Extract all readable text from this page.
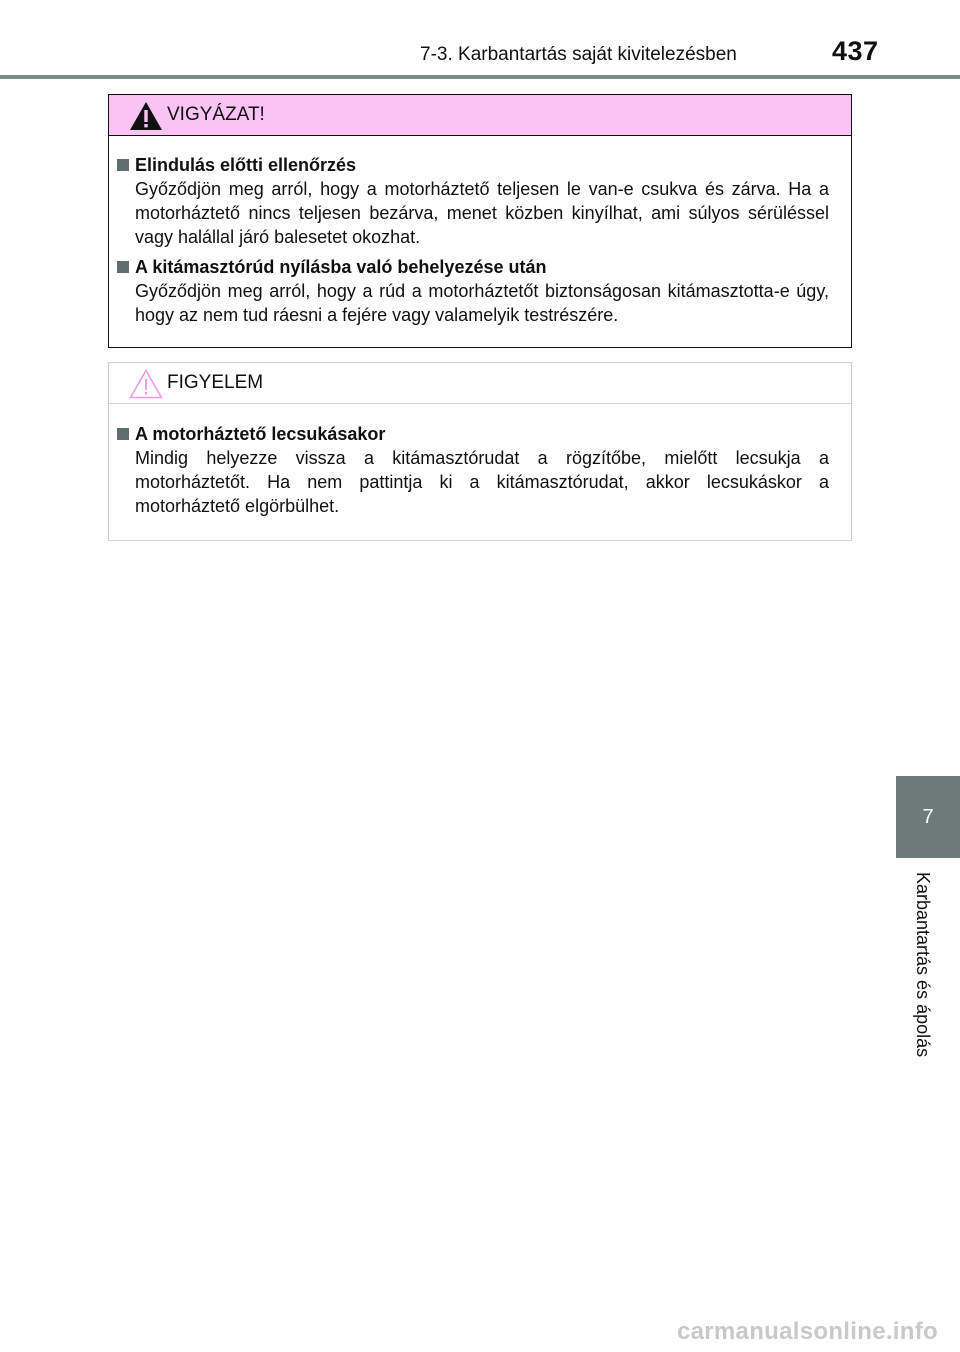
7-3. Karbantartás saját kivitelezésben	437
VIGYÁZAT!
Elindulás előtti ellenőrzés
Győződjön meg arról, hogy a motorháztető teljesen le van-e csukva és zárva. Ha a motorháztető nincs teljesen bezárva, menet közben kinyílhat, ami súlyos sérüléssel vagy halállal járó balesetet okozhat.
A kitámasztórúd nyílásba való behelyezése után
Győződjön meg arról, hogy a rúd a motorháztetőt biztonságosan kitámasztotta-e úgy, hogy az nem tud ráesni a fejére vagy valamelyik testrészére.
FIGYELEM
A motorháztető lecsukásakor
Mindig helyezze vissza a kitámasztórudat a rögzítőbe, mielőtt lecsukja a motorháztetőt. Ha nem pattintja ki a kitámasztórudat, akkor lecsukáskor a motorháztető elgörbülhet.
7
Karbantartás és ápolás
carmanualsonline.info
